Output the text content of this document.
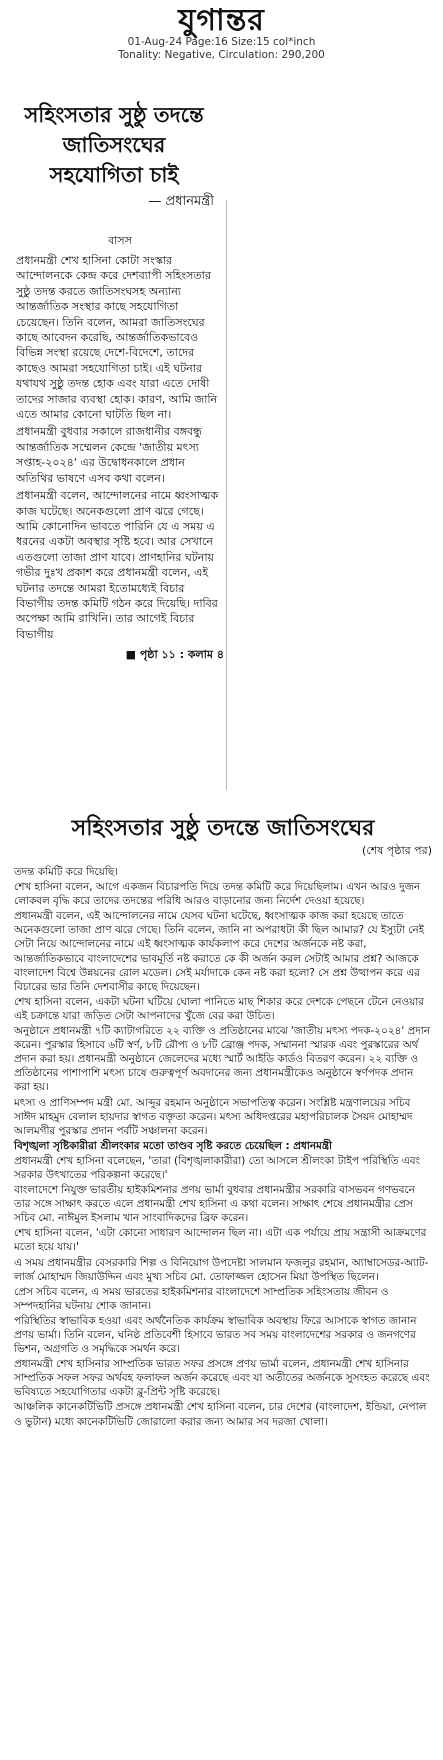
যুগান্তর
01-Aug-24 Page:16 Size:15 col*inch
Tonality: Negative, Circulation: 290,200
সহিংসতার সুষ্ঠু তদন্তে জাতিসংঘের সহযোগিতা চাই
— প্রধানমন্ত্রী
বাসস

প্রধানমন্ত্রী শেখ হাসিনা কোটা সংস্কার আন্দোলনকে কেন্দ্র করে দেশব্যাপী সহিংসতার সুষ্ঠু তদন্ত করতে জাতিসংঘসহ অন্যান্য আন্তর্জাতিক সংস্থার কাছে সহযোগিতা চেয়েছেন। তিনি বলেন, আমরা জাতিসংঘের কাছে আবেদন করেছি, আন্তর্জাতিকভাবেও বিভিন্ন সংস্থা রয়েছে দেশে-বিদেশে, তাদের কাছেও আমরা সহযোগিতা চাই। এই ঘটনার যথাযথ সুষ্ঠু তদন্ত হোক এবং যারা এতে দোষী তাদের সাজার ব্যবস্থা হোক। কারণ, আমি জানি এতে আমার কোনো ঘাটতি ছিল না।

প্রধানমন্ত্রী বুধবার সকালে রাজধানীর বঙ্গবন্ধু আন্তর্জাতিক সম্মেলন কেন্দ্রে 'জাতীয় মৎস্য সপ্তাহ-২০২৪' এর উদ্বোধনকালে প্রধান অতিথির ভাষণে এসব কথা বলেন।

প্রধানমন্ত্রী বলেন, আন্দোলনের নামে ধ্বংসাত্মক কাজ ঘটেছে। অনেকগুলো প্রাণ ঝরে গেছে। আমি কোনোদিন ভাবতে পারিনি যে এ সময় এ ধরনের একটা অবস্থার সৃষ্টি হবে। আর সেখানে এতগুলো তাজা প্রাণ যাবে। প্রাণহানির ঘটনায় গভীর দুঃখ প্রকাশ করে প্রধানমন্ত্রী বলেন, এই ঘটনার তদন্তে আমরা ইতোমধ্যেই বিচার বিভাগীয় তদন্ত কমিটি গঠন করে দিয়েছি। দাবির অপেক্ষা আমি রাখিনি। তার আগেই বিচার বিভাগীয়

■ পৃষ্ঠা ১১ : কলাম ৪
সহিংসতার সুষ্ঠু তদন্তে জাতিসংঘের
(শেষ পৃষ্ঠার পর)

তদন্ত কমিটি করে দিয়েছি।

শেখ হাসিনা বলেন, আগে একজন বিচারপতি দিয়ে তদন্ত কমিটি করে দিয়েছিলাম। এখন আরও দুজন লোকবল বৃদ্ধি করে তাদের তদন্তের পরিধি আরও বাড়ানোর জন্য নির্দেশ দেওয়া হয়েছে।

প্রধানমন্ত্রী বলেন, এই আন্দোলনের নামে যেসব ঘটনা ঘটেছে, ধ্বংসাত্মক কাজ করা হয়েছে তাতে অনেকগুলো তাজা প্রাণ ঝরে গেছে। তিনি বলেন, জানি না অপরাধটা কী ছিল আমার? যে ইস্যুটা নেই সেটা নিয়ে আন্দোলনের নামে এই ধ্বংসাত্মক কার্যকলাপ করে দেশের অর্জনকে নষ্ট করা, আন্তর্জাতিকভাবে বাংলাদেশের ভাবমূর্তি নষ্ট করাতে কে কী অর্জন করল সেটাই আমার প্রশ্ন? আজকে বাংলাদেশ বিশ্বে উন্নয়নের রোল মডেল। সেই মর্যাদাকে কেন নষ্ট করা হলো? সে প্রশ্ন উত্থাপন করে এর বিচারের ভার তিনি দেশবাসীর কাছে দিয়েছেন।

শেখ হাসিনা বলেন, একটা ঘটনা ঘটিয়ে ঘোলা পানিতে মাছ শিকার করে দেশকে পেছনে টেনে নেওয়ার এই চক্রান্তে যারা জড়িত সেটা আপনাদের খুঁজে বের করা উচিত।

অনুষ্ঠানে প্রধানমন্ত্রী ৭টি ক্যাটাগরিতে ২২ ব্যক্তি ও প্রতিষ্ঠানের মাঝে 'জাতীয় মৎস্য পদক-২০২৪' প্রদান করেন। পুরস্কার হিসাবে ৬টি স্বর্ণ, ৮টি রৌপ্য ও ৮টি ব্রোঞ্জ পদক, সম্মাননা স্মারক এবং পুরস্কারের অর্থ প্রদান করা হয়। প্রধানমন্ত্রী অনুষ্ঠানে জেলেদের মধ্যে স্মার্ট আইডি কার্ডও বিতরণ করেন। ২২ ব্যক্তি ও প্রতিষ্ঠানের পাশাপাশি মৎস্য চাষে গুরুত্বপূর্ণ অবদানের জন্য প্রধানমন্ত্রীকেও অনুষ্ঠানে স্বর্ণপদক প্রদান করা হয়।

মৎস্য ও প্রাণিসম্পদ মন্ত্রী মো. আব্দুর রহমান অনুষ্ঠানে সভাপতিত্ব করেন। সংশ্লিষ্ট মন্ত্রণালয়ের সচিব সাঈদ মাহমুদ বেলাল হায়দার স্বাগত বক্তৃতা করেন। মৎস্য অধিদপ্তরের মহাপরিচালক সৈয়দ মোহাম্মদ আলমগীর পুরস্কার প্রদান পর্বটি সঞ্চালনা করেন।

বিশৃঙ্খলা সৃষ্টিকারীরা শ্রীলংকার মতো তাণ্ডব সৃষ্টি করতে চেয়েছিল : প্রধানমন্ত্রী

প্রধানমন্ত্রী শেখ হাসিনা বলেছেন, 'তারা (বিশৃঙ্খলাকারীরা) তো আসলে শ্রীলংকা টাইপ পরিস্থিতি এবং সরকার উৎখাতের পরিকল্পনা করেছে।'

বাংলাদেশে নিযুক্ত ভারতীয় হাইকমিশনার প্রণয় ভার্মা বুধবার প্রধানমন্ত্রীর সরকারি বাসভবন গণভবনে তার সঙ্গে সাক্ষাৎ করতে এলে প্রধানমন্ত্রী শেখ হাসিনা এ কথা বলেন। সাক্ষাৎ শেষে প্রধানমন্ত্রীর প্রেস সচিব মো. নাঈমুল ইসলাম খান সাংবাদিকদের ব্রিফ করেন।

শেখ হাসিনা বলেন, 'এটা কোনো সাধারণ আন্দোলন ছিল না। এটা এক পর্যায়ে প্রায় সন্ত্রাসী আক্রমণের মতো হয়ে যায়।'

এ সময় প্রধানমন্ত্রীর বেসরকারি শিল্প ও বিনিয়োগ উপদেষ্টা সালমান ফজলুর রহমান, অ্যাম্বাসেডর-অ্যাট-লার্জ মোহাম্মদ জিয়াউদ্দিন এবং মুখ্য সচিব মো. তোফাজ্জল হোসেন মিয়া উপস্থিত ছিলেন।

প্রেস সচিব বলেন, এ সময় ভারতের হাইকমিশনার বাংলাদেশে সাম্প্রতিক সহিংসতায় জীবন ও সম্পদহানির ঘটনায় শোক জানান।

পরিস্থিতির স্বাভাবিক হওয়া এবং অর্থনৈতিক কার্যক্রম স্বাভাবিক অবস্থায় ফিরে আসাকে স্বাগত জানান প্রণয় ভার্মা। তিনি বলেন, ঘনিষ্ঠ প্রতিবেশী হিসাবে ভারত সব সময় বাংলাদেশের সরকার ও জনগণের ভিশন, অগ্রগতি ও সমৃদ্ধিকে সমর্থন করে।

প্রধানমন্ত্রী শেখ হাসিনার সাম্প্রতিক ভারত সফর প্রসঙ্গে প্রণয় ভার্মা বলেন, প্রধানমন্ত্রী শেখ হাসিনার সাম্প্রতিক সফল সফর অর্থবহ ফলাফল অর্জন করেছে এবং যা অতীতের অর্জনকে সুসংহত করেছে এবং ভবিষ্যতে সহযোগিতার একটা ব্লু-প্রিন্ট সৃষ্টি করেছে।

আঞ্চলিক কানেকটিভিটি প্রসঙ্গে প্রধানমন্ত্রী শেখ হাসিনা বলেন, চার দেশের (বাংলাদেশ, ইন্ডিয়া, নেপাল ও ভুটান) মধ্যে কানেকটিভিটি জোরালো করার জন্য আমার সব দরজা খোলা।
